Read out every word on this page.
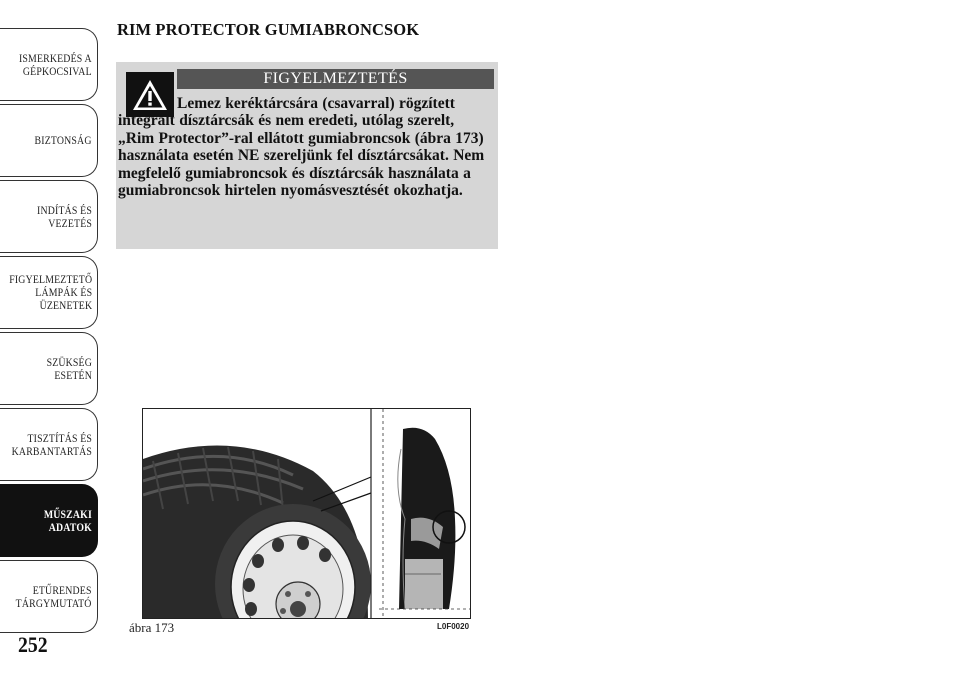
ISMERKEDÉS A
GÉPKOCSIVAL
BIZTONSÁG
INDÍTÁS ÉS
VEZETÉS
FIGYELMEZTETŐ
LÁMPÁK ÉS
ÜZENETEK
SZÜKSÉG ESETÉN
TISZTÍTÁS ÉS
KARBANTARTÁS
MŰSZAKI ADATOK
ETŰRENDES
TÁRGYMUTATÓ
252
RIM PROTECTOR GUMIABRONCSOK
FIGYELMEZTETÉS
Lemez keréktárcsára (csavarral) rögzített integrált dísztárcsák és nem eredeti, utólag szerelt, „Rim Protector”-ral ellátott gumiabroncsok (ábra 173) használata esetén NE szereljünk fel dísztárcsákat. Nem megfelelő gumiabroncsok és dísztárcsák használata a gumiabroncsok hirtelen nyomásvesztését okozhatja.
ábra 173	L0F0020
